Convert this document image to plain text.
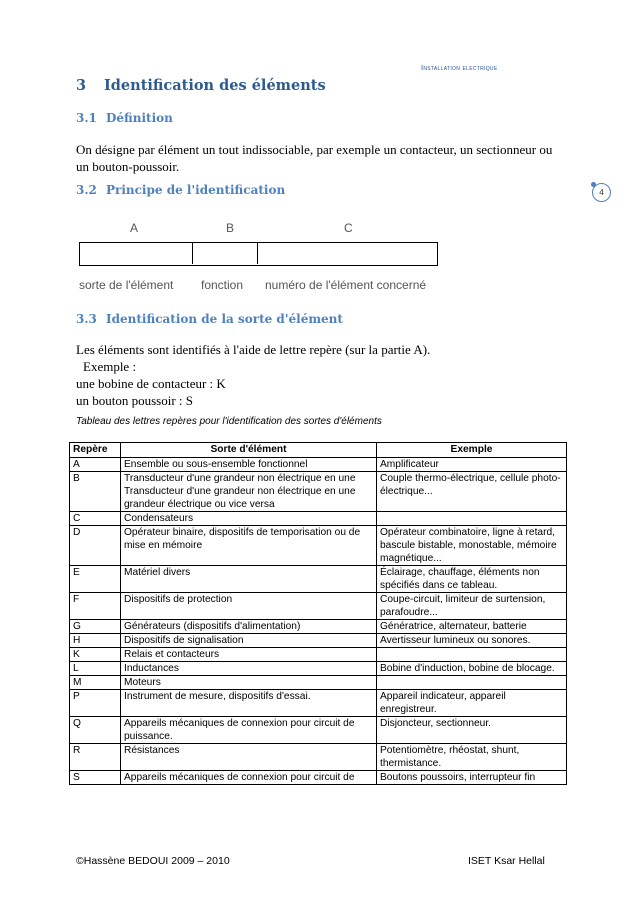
Installation electrique
3 Identification des éléments
3.1 Définition
On désigne par élément un tout indissociable, par exemple un contacteur, un sectionneur ou
un bouton-poussoir.
3.2 Principe de l'identification	4
A	B	C
sorte de l'élément fonction numéro de l'élément concerné
3.3 Identification de la sorte d'élément
Les éléments sont identifiés à l'aide de lettre repère (sur la partie A).
Exemple :
une bobine de contacteur : K
un bouton poussoir : S
Tableau des lettres repères pour l'identification des sortes d'éléments
Repère	Sorte d'élément	Exemple
A	Ensemble ou sous-ensemble fonctionnel	Amplificateur
B	Transducteur d'une grandeur non électrique en une Transducteur d'une grandeur non électrique en une grandeur électrique ou vice versa	Couple thermo-électrique, cellule photo-électrique...
C	Condensateurs	
D	Opérateur binaire, dispositifs de temporisation ou de mise en mémoire	Opérateur combinatoire, ligne à retard, bascule bistable, monostable, mémoire magnétique...
E	Matériel divers	Éclairage, chauffage, éléments non spécifiés dans ce tableau.
F	Dispositifs de protection	Coupe-circuit, limiteur de surtension, parafoudre...
G	Générateurs (dispositifs d'alimentation)	Génératrice, alternateur, batterie
H	Dispositifs de signalisation	Avertisseur lumineux ou sonores.
K	Relais et contacteurs	
L	Inductances	Bobine d'induction, bobine de blocage.
M	Moteurs	
P	Instrument de mesure, dispositifs d'essai.	Appareil indicateur, appareil enregistreur.
Q	Appareils mécaniques de connexion pour circuit de puissance.	Disjoncteur, sectionneur.
R	Résistances	Potentiomètre, rhéostat, shunt, thermistance.
S	Appareils mécaniques de connexion pour circuit de	Boutons poussoirs, interrupteur fin
©Hassène BEDOUI 2009 – 2010	ISET Ksar Hellal
